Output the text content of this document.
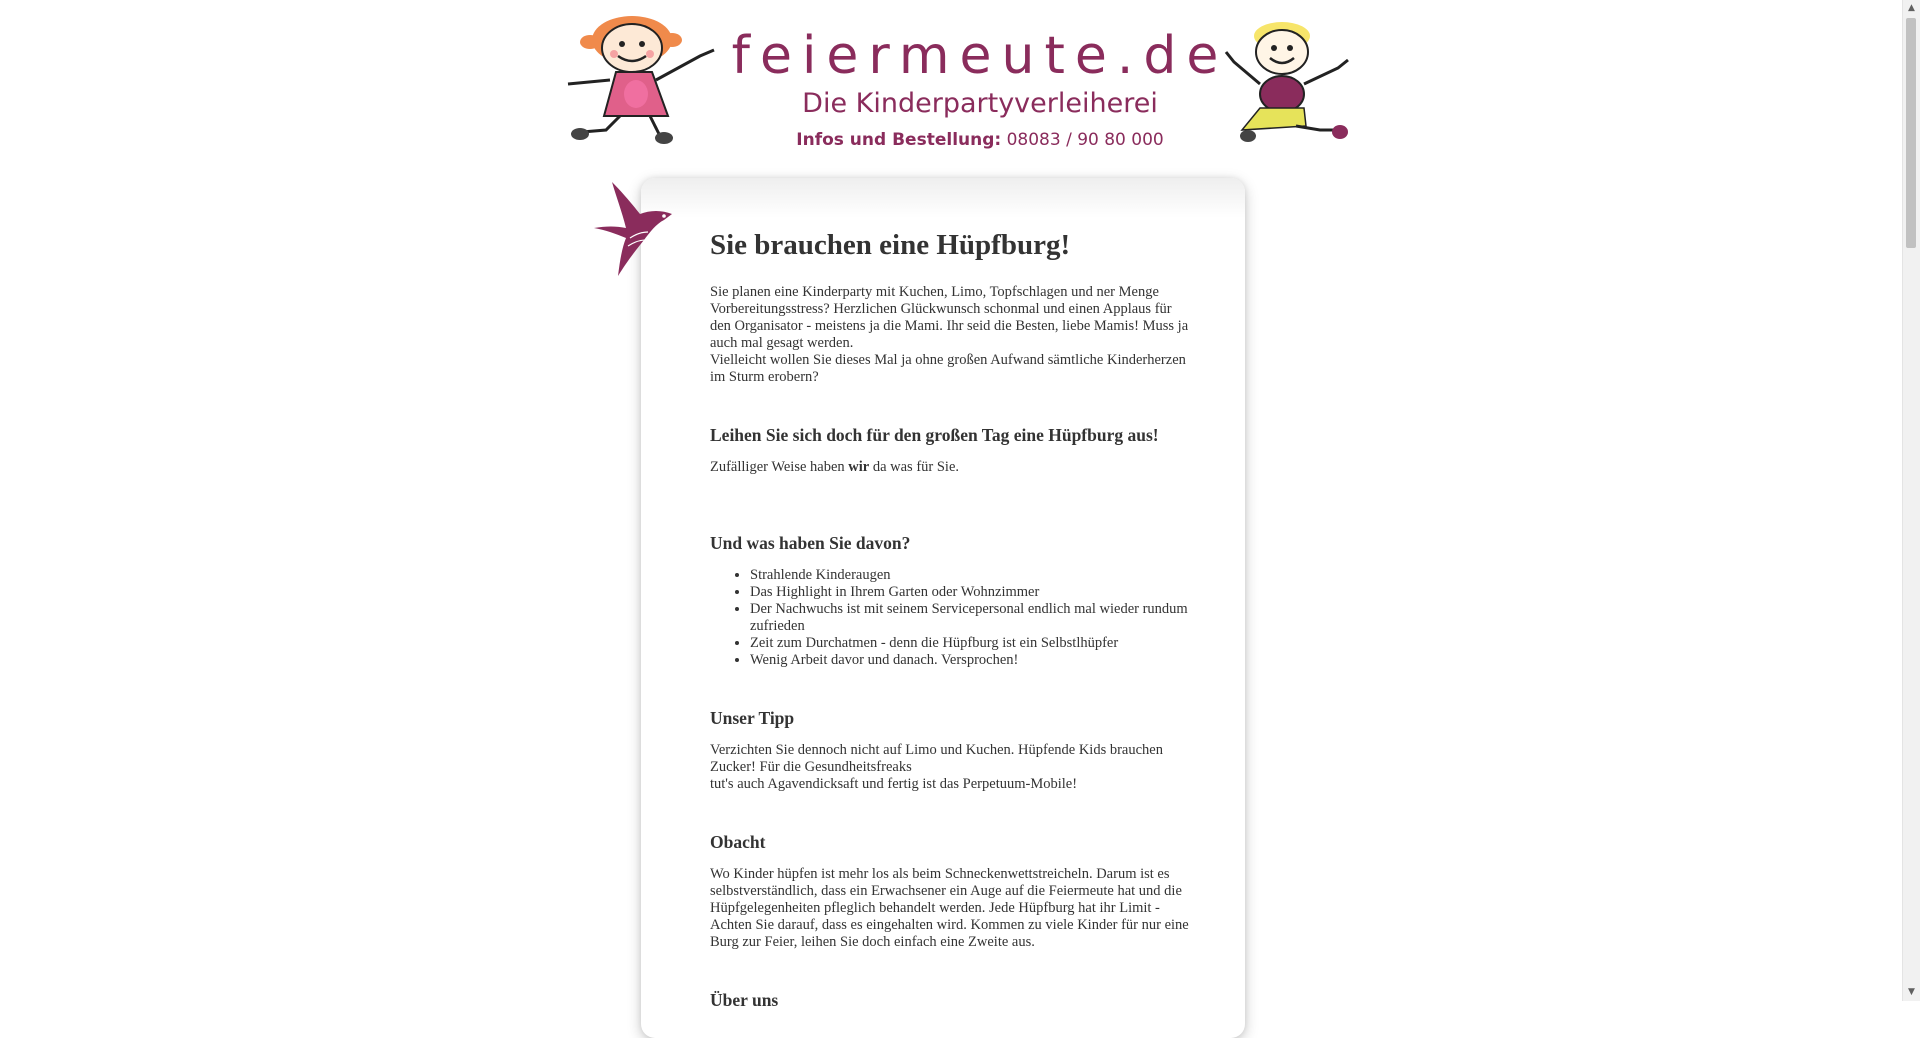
feiermeute.de
Die Kinderpartyverleiherei
Infos und Bestellung: 08083 / 90 80 000
Sie brauchen eine Hüpfburg!

Sie planen eine Kinderparty mit Kuchen, Limo, Topfschlagen und ner Menge
Vorbereitungsstress? Herzlichen Glückwunsch schonmal und einen Applaus für
den Organisator - meistens ja die Mami. Ihr seid die Besten, liebe Mamis! Muss ja
auch mal gesagt werden.
Vielleicht wollen Sie dieses Mal ja ohne großen Aufwand sämtliche Kinderherzen
im Sturm erobern?

Leihen Sie sich doch für den großen Tag eine Hüpfburg aus!

Zufälliger Weise haben wir da was für Sie.

Und was haben Sie davon?
• Strahlende Kinderaugen
• Das Highlight in Ihrem Garten oder Wohnzimmer
• Der Nachwuchs ist mit seinem Servicepersonal endlich mal wieder rundum zufrieden
• Zeit zum Durchatmen - denn die Hüpfburg ist ein Selbstlhüpfer
• Wenig Arbeit davor und danach. Versprochen!
Unser Tipp

Verzichten Sie dennoch nicht auf Limo und Kuchen. Hüpfende Kids brauchen
Zucker! Für die Gesundheitsfreaks
tut's auch Agavendicksaft und fertig ist das Perpetuum-Mobile!

Obacht

Wo Kinder hüpfen ist mehr los als beim Schneckenwettstreicheln. Darum ist es
selbstverständlich, dass ein Erwachsener ein Auge auf die Feiermeute hat und die
Hüpfgelegenheiten pfleglich behandelt werden. Jede Hüpfburg hat ihr Limit -
Achten Sie darauf, dass es eingehalten wird. Kommen zu viele Kinder für nur eine
Burg zur Feier, leihen Sie doch einfach eine Zweite aus.

Über uns
▲
▼
